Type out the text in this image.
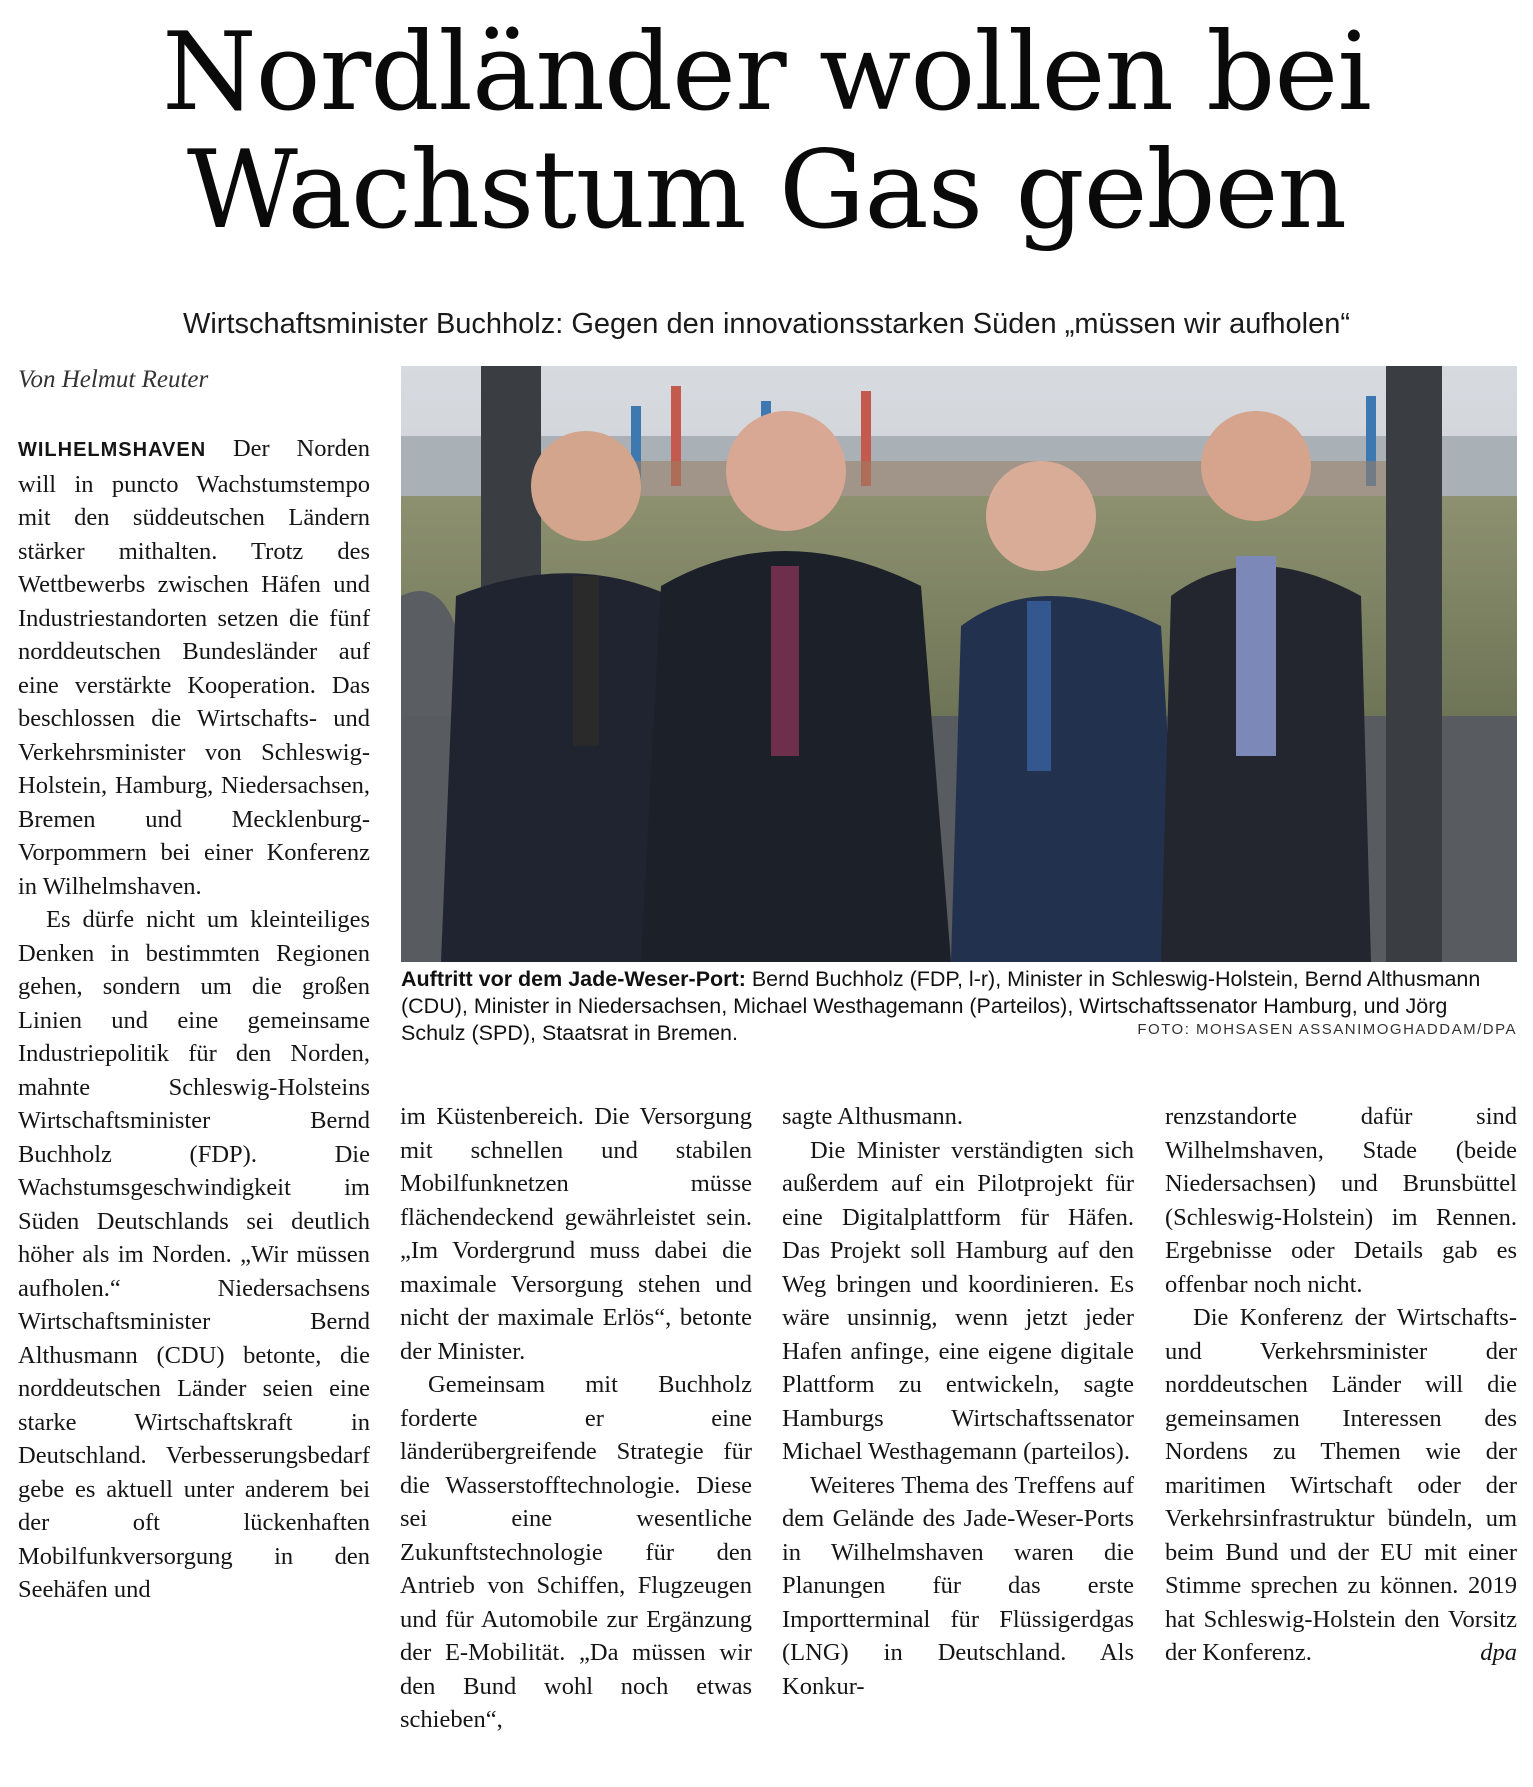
Nordländer wollen bei
Wachstum Gas geben

Wirtschaftsminister Buchholz: Gegen den innovationsstarken Süden „müssen wir aufholen“

Von Helmut Reuter

WILHELMSHAVEN Der Norden will in puncto Wachstumstempo mit den süddeutschen Ländern stärker mithalten. Trotz des Wettbewerbs zwischen Häfen und Industriestandorten setzen die fünf norddeutschen Bundesländer auf eine verstärkte Kooperation. Das beschlossen die Wirtschafts- und Verkehrsminister von Schleswig-Holstein, Hamburg, Niedersachsen, Bremen und Mecklenburg-Vorpommern bei einer Konferenz in Wilhelmshaven.

Es dürfe nicht um kleinteiliges Denken in bestimmten Regionen gehen, sondern um die großen Linien und eine gemeinsame Industriepolitik für den Norden, mahnte Schleswig-Holsteins Wirtschaftsminister Bernd Buchholz (FDP). Die Wachstumsgeschwindigkeit im Süden Deutschlands sei deutlich höher als im Norden. „Wir müssen aufholen.“ Niedersachsens Wirtschaftsminister Bernd Althusmann (CDU) betonte, die norddeutschen Länder seien eine starke Wirtschaftskraft in Deutschland. Verbesserungsbedarf gebe es aktuell unter anderem bei der oft lückenhaften Mobilfunkversorgung in den Seehäfen und

Auftritt vor dem Jade-Weser-Port: Bernd Buchholz (FDP, l-r), Minister in Schleswig-Holstein, Bernd Althusmann (CDU), Minister in Niedersachsen, Michael Westhagemann (Parteilos), Wirtschaftssenator Hamburg, und Jörg Schulz (SPD), Staatsrat in Bremen.	FOTO: MOHSASEN ASSANIMOGHADDAM/DPA

im Küstenbereich. Die Versorgung mit schnellen und stabilen Mobilfunknetzen müsse flächendeckend gewährleistet sein. „Im Vordergrund muss dabei die maximale Versorgung stehen und nicht der maximale Erlös“, betonte der Minister.

Gemeinsam mit Buchholz forderte er eine länderübergreifende Strategie für die Wasserstofftechnologie. Diese sei eine wesentliche Zukunftstechnologie für den Antrieb von Schiffen, Flugzeugen und für Automobile zur Ergänzung der E-Mobilität. „Da müssen wir den Bund wohl noch etwas schieben“,

sagte Althusmann.

Die Minister verständigten sich außerdem auf ein Pilotprojekt für eine Digitalplattform für Häfen. Das Projekt soll Hamburg auf den Weg bringen und koordinieren. Es wäre unsinnig, wenn jetzt jeder Hafen anfinge, eine eigene digitale Plattform zu entwickeln, sagte Hamburgs Wirtschaftssenator Michael Westhagemann (parteilos).

Weiteres Thema des Treffens auf dem Gelände des Jade-Weser-Ports in Wilhelmshaven waren die Planungen für das erste Importterminal für Flüssigerdgas (LNG) in Deutschland. Als Konkur-

renzstandorte dafür sind Wilhelmshaven, Stade (beide Niedersachsen) und Brunsbüttel (Schleswig-Holstein) im Rennen. Ergebnisse oder Details gab es offenbar noch nicht.

Die Konferenz der Wirtschafts- und Verkehrsminister der norddeutschen Länder will die gemeinsamen Interessen des Nordens zu Themen wie der maritimen Wirtschaft oder der Verkehrsinfrastruktur bündeln, um beim Bund und der EU mit einer Stimme sprechen zu können. 2019 hat Schleswig-Holstein den Vorsitz der Konferenz.	dpa
